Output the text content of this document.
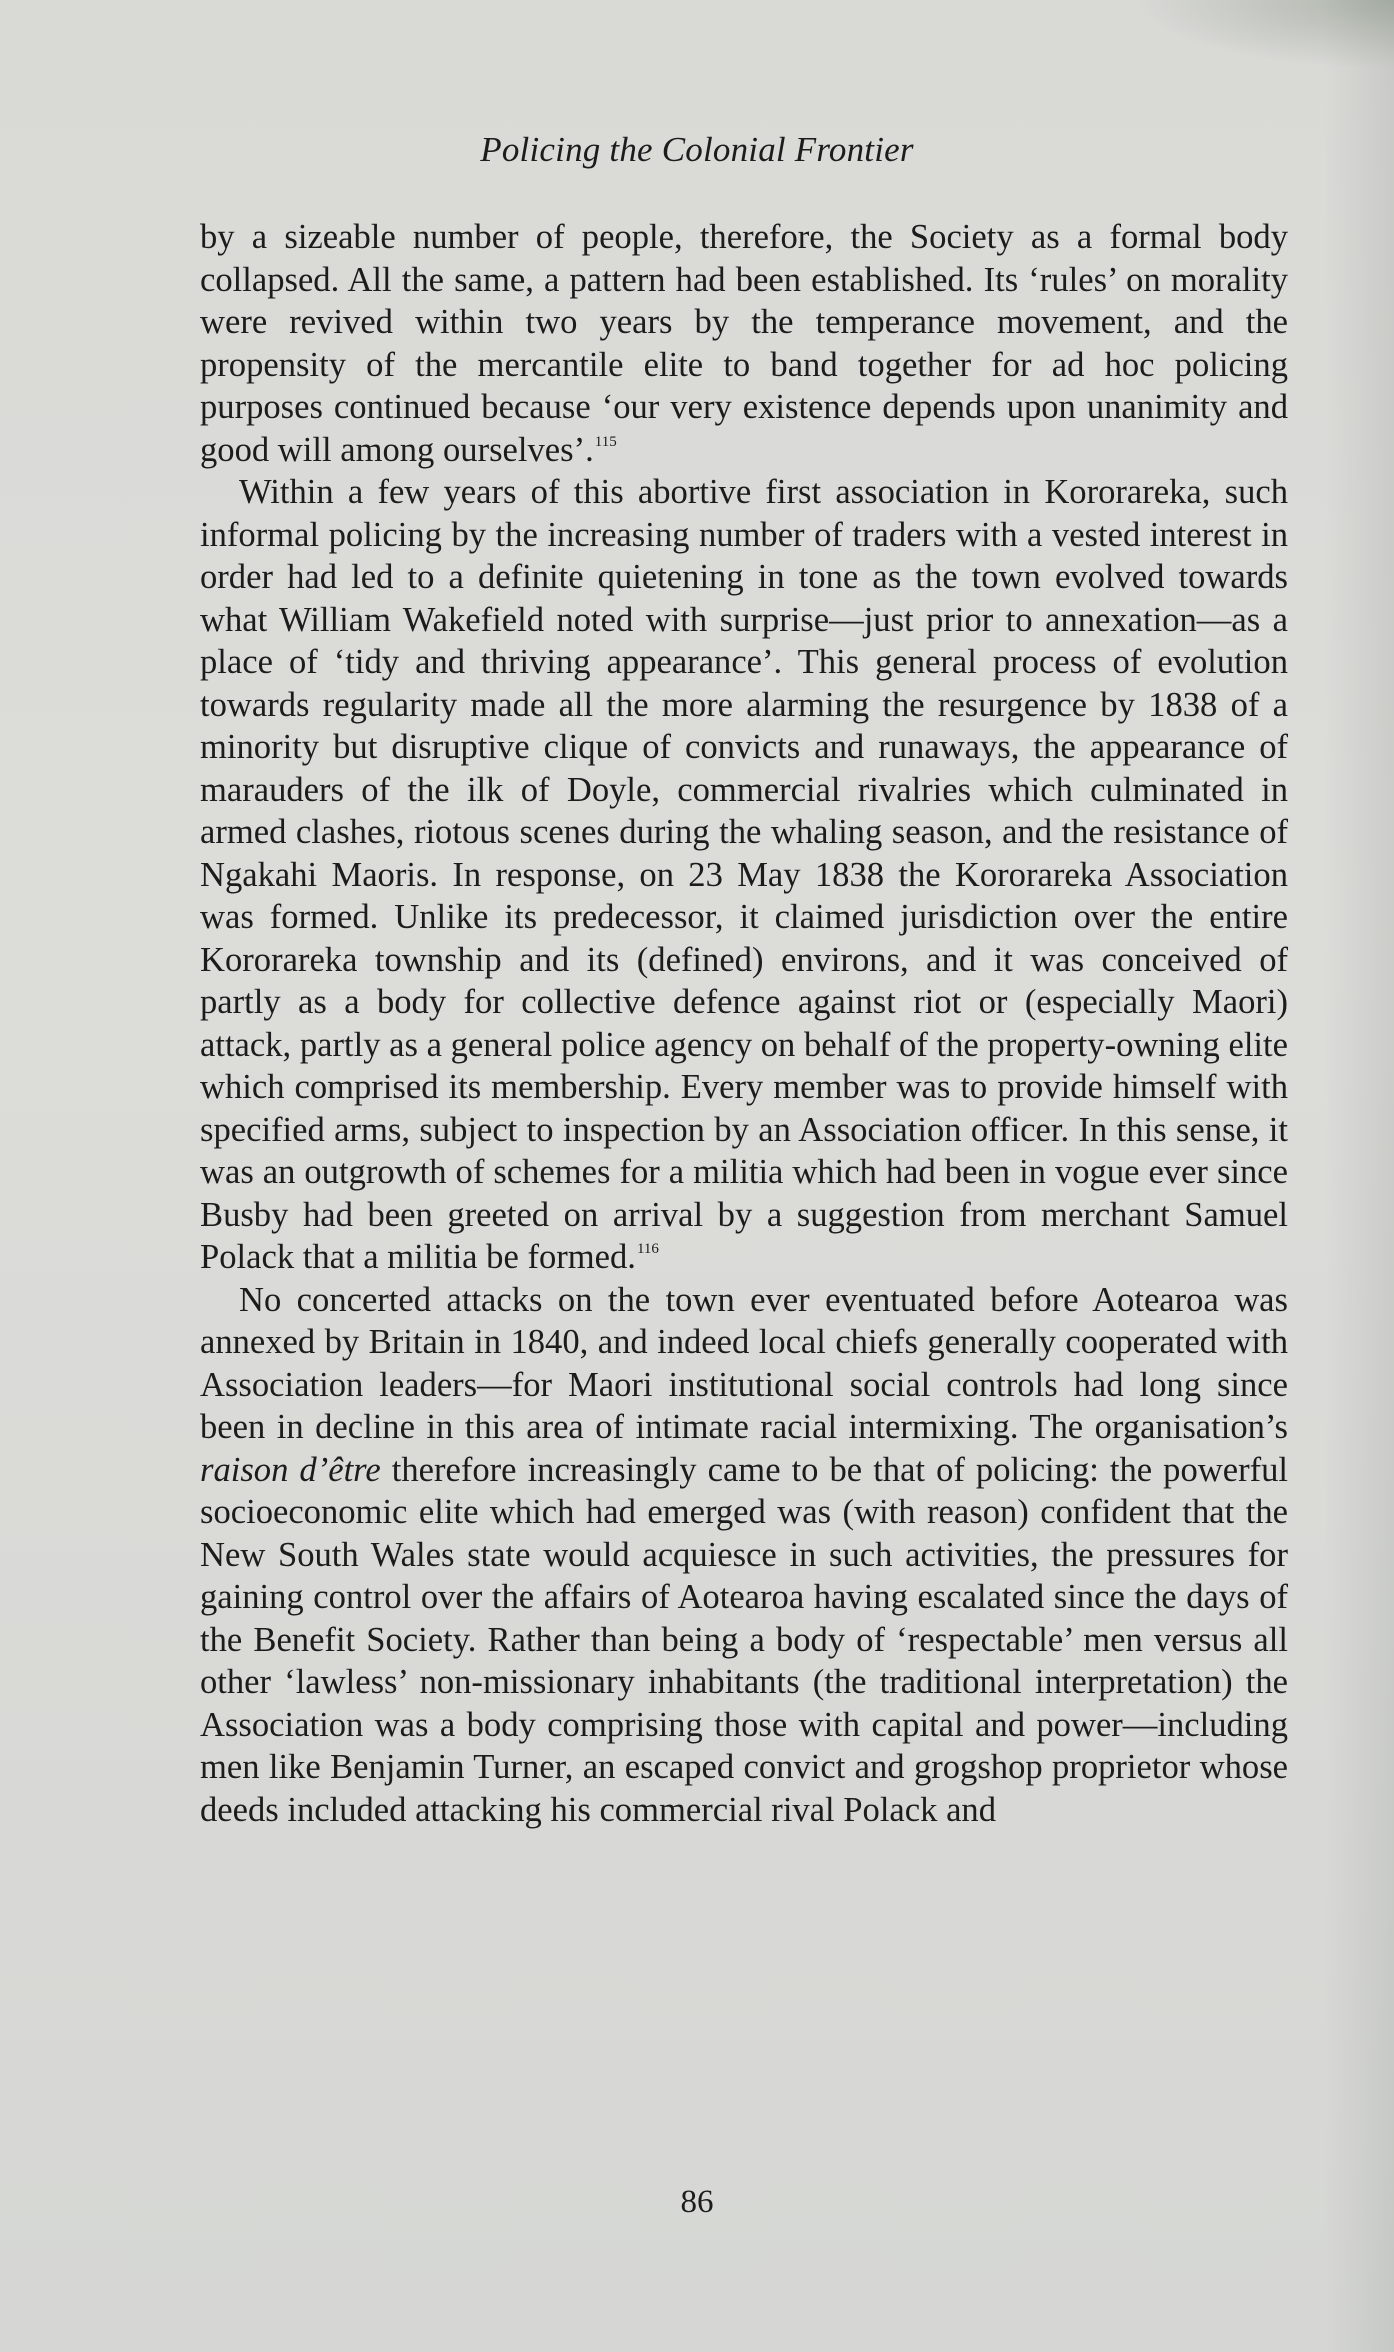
Policing the Colonial Frontier

by a sizeable number of people, therefore, the Society as a formal body collapsed. All the same, a pattern had been established. Its ‘rules’ on morality were revived within two years by the temperance movement, and the propensity of the mercantile elite to band together for ad hoc policing purposes continued because ‘our very existence depends upon unanimity and good will among ourselves’.$^{115}$

Within a few years of this abortive first association in Kororareka, such informal policing by the increasing number of traders with a vested interest in order had led to a definite quietening in tone as the town evolved towards what William Wakefield noted with surprise—just prior to annexation—as a place of ‘tidy and thriving appearance’. This general process of evolution towards regularity made all the more alarming the resurgence by 1838 of a minority but disruptive clique of convicts and runaways, the appearance of marauders of the ilk of Doyle, commercial rivalries which culminated in armed clashes, riotous scenes during the whaling season, and the resistance of Ngakahi Maoris. In response, on 23 May 1838 the Kororareka Association was formed. Unlike its predecessor, it claimed jurisdiction over the entire Kororareka township and its (defined) environs, and it was conceived of partly as a body for collective defence against riot or (especially Maori) attack, partly as a general police agency on behalf of the property-owning elite which comprised its membership. Every member was to provide himself with specified arms, subject to inspection by an Association officer. In this sense, it was an outgrowth of schemes for a militia which had been in vogue ever since Busby had been greeted on arrival by a suggestion from merchant Samuel Polack that a militia be formed.$^{116}$

No concerted attacks on the town ever eventuated before Aotearoa was annexed by Britain in 1840, and indeed local chiefs generally cooperated with Association leaders—for Maori institutional social controls had long since been in decline in this area of intimate racial intermixing. The organisation’s raison d’être therefore increasingly came to be that of policing: the powerful socioeconomic elite which had emerged was (with reason) confident that the New South Wales state would acquiesce in such activities, the pressures for gaining control over the affairs of Aotearoa having escalated since the days of the Benefit Society. Rather than being a body of ‘respectable’ men versus all other ‘lawless’ non-missionary inhabitants (the traditional interpretation) the Association was a body comprising those with capital and power—including men like Benjamin Turner, an escaped convict and grogshop proprietor whose deeds included attacking his commercial rival Polack and

86
